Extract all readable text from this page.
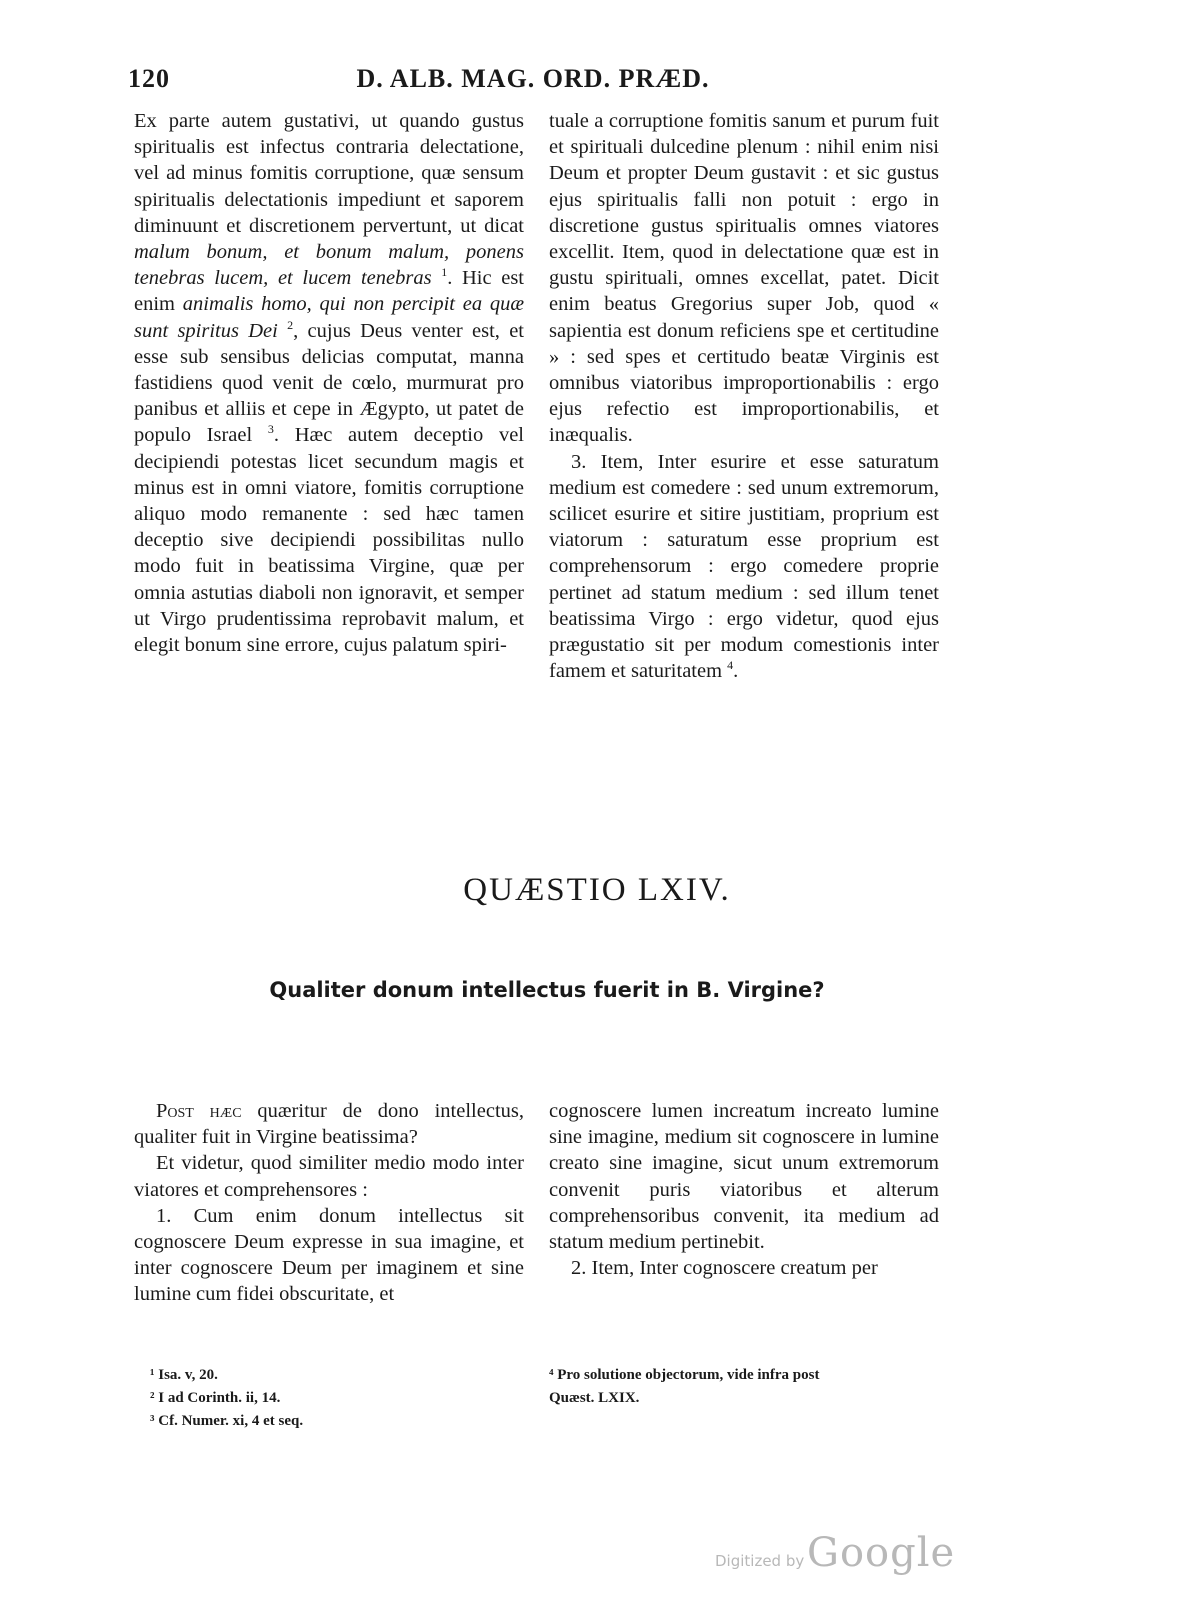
120	D. ALB. MAG. ORD. PRÆD.

Ex parte autem gustativi, ut quando gustus spiritualis est infectus contraria delectatione, vel ad minus fomitis corruptione, quæ sensum spiritualis delectationis impediunt et saporem diminuunt et discretionem pervertunt, ut dicat malum bonum, et bonum malum, ponens tenebras lucem, et lucem tenebras $^1$. Hic est enim animalis homo, qui non percipit ea quæ sunt spiritus Dei $^2$, cujus Deus venter est, et esse sub sensibus delicias computat, manna fastidiens quod venit de cœlo, murmurat pro panibus et alliis et cepe in Ægypto, ut patet de populo Israel $^3$. Hæc autem deceptio vel decipiendi potestas licet secundum magis et minus est in omni viatore, fomitis corruptione aliquo modo remanente : sed hæc tamen deceptio sive decipiendi possibilitas nullo modo fuit in beatissima Virgine, quæ per omnia astutias diaboli non ignoravit, et semper ut Virgo prudentissima reprobavit malum, et elegit bonum sine errore, cujus palatum spiri-

tuale a corruptione fomitis sanum et purum fuit et spirituali dulcedine plenum : nihil enim nisi Deum et propter Deum gustavit : et sic gustus ejus spiritualis falli non potuit : ergo in discretione gustus spiritualis omnes viatores excellit. Item, quod in delectatione quæ est in gustu spirituali, omnes excellat, patet. Dicit enim beatus Gregorius super Job, quod « sapientia est donum reficiens spe et certitudine » : sed spes et certitudo beatæ Virginis est omnibus viatoribus improportionabilis : ergo ejus refectio est improportionabilis, et inæqualis.

3. Item, Inter esurire et esse saturatum medium est comedere : sed unum extremorum, scilicet esurire et sitire justitiam, proprium est viatorum : saturatum esse proprium est comprehensorum : ergo comedere proprie pertinet ad statum medium : sed illum tenet beatissima Virgo : ergo videtur, quod ejus prægustatio sit per modum comestionis inter famem et saturitatem $^4$.

QUÆSTIO LXIV.
Qualiter donum intellectus fuerit in B. Virgine?

Post hæc quæritur de dono intellectus, qualiter fuit in Virgine beatissima?

Et videtur, quod similiter medio modo inter viatores et comprehensores :

1. Cum enim donum intellectus sit cognoscere Deum expresse in sua imagine, et inter cognoscere Deum per imaginem et sine lumine cum fidei obscuritate, et

cognoscere lumen increatum increato lumine sine imagine, medium sit cognoscere in lumine creato sine imagine, sicut unum extremorum convenit puris viatoribus et alterum comprehensoribus convenit, ita medium ad statum medium pertinebit.

2. Item, Inter cognoscere creatum per

¹ Isa. v, 20.
² I ad Corinth. ii, 14.
³ Cf. Numer. xi, 4 et seq.
⁴ Pro solutione objectorum, vide infra post
Quæst. LXIX.
Digitized by Google
